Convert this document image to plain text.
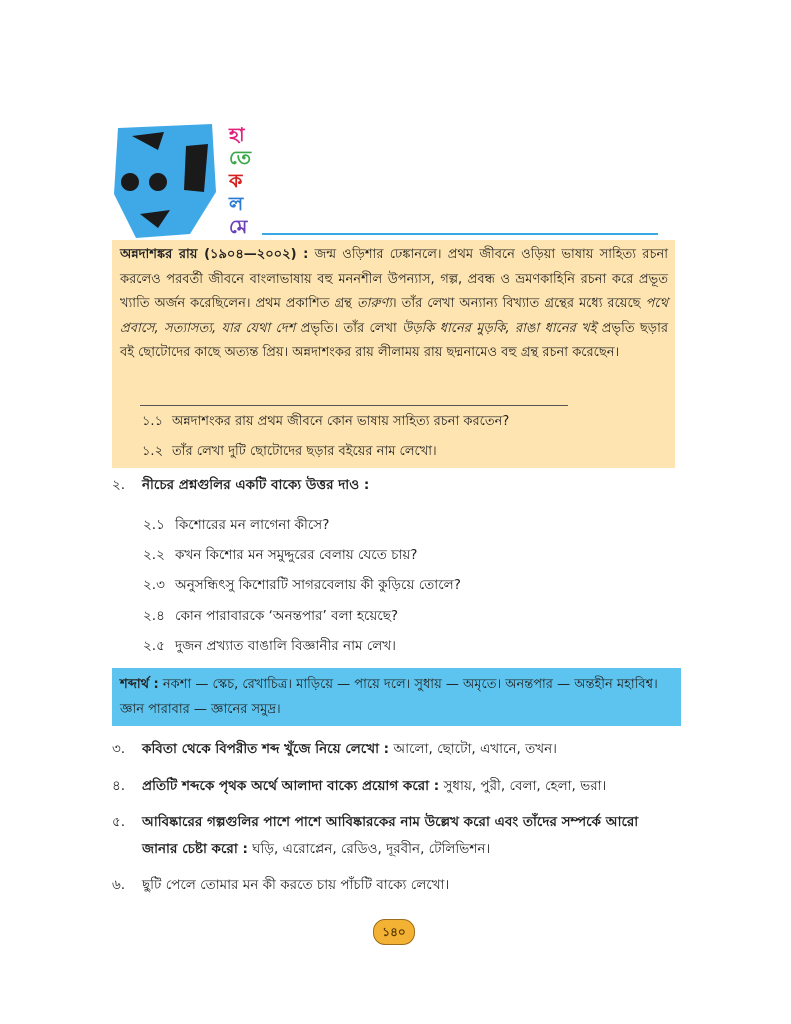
হা
তে
ক
ল
মে
অন্নদাশঙ্কর রায় (১৯০৪—২০০২) : জন্ম ওড়িশার ঢেঙ্কানলে। প্রথম জীবনে ওড়িয়া ভাষায় সাহিত্য রচনা করলেও পরবর্তী জীবনে বাংলাভাষায় বহু মননশীল উপন্যাস, গল্প, প্রবন্ধ ও ভ্রমণকাহিনি রচনা করে প্রভূত খ্যাতি অর্জন করেছিলেন। প্রথম প্রকাশিত গ্রন্থ তারুণ্য। তাঁর লেখা অন্যান্য বিখ্যাত গ্রন্থের মধ্যে রয়েছে পথে প্রবাসে, সত্যাসত্য, যার যেথা দেশ প্রভৃতি। তাঁর লেখা উড়কি ধানের মুড়কি, রাঙা ধানের খই প্রভৃতি ছড়ার বই ছোটোদের কাছে অত্যন্ত প্রিয়। অন্নদাশংকর রায় লীলাময় রায় ছদ্মনামেও বহু গ্রন্থ রচনা করেছেন।
১.১ অন্নদাশংকর রায় প্রথম জীবনে কোন ভাষায় সাহিত্য রচনা করতেন?
১.২ তাঁর লেখা দুটি ছোটোদের ছড়ার বইয়ের নাম লেখো।
২. নীচের প্রশ্নগুলির একটি বাক্যে উত্তর দাও :
২.১ কিশোরের মন লাগেনা কীসে?
২.২ কখন কিশোর মন সমুদ্দুরের বেলায় যেতে চায়?
২.৩ অনুসন্ধিৎসু কিশোরটি সাগরবেলায় কী কুড়িয়ে তোলে?
২.৪ কোন পারাবারকে ‘অনন্তপার’ বলা হয়েছে?
২.৫ দুজন প্রখ্যাত বাঙালি বিজ্ঞানীর নাম লেখ।
শব্দার্থ : নকশা — স্কেচ, রেখাচিত্র। মাড়িয়ে — পায়ে দলে। সুধায় — অমৃতে। অনন্তপার — অন্তহীন মহাবিশ্ব। জ্ঞান পারাবার — জ্ঞানের সমুদ্র।
৩. কবিতা থেকে বিপরীত শব্দ খুঁজে নিয়ে লেখো : আলো, ছোটো, এখানে, তখন।
৪. প্রতিটি শব্দকে পৃথক অর্থে আলাদা বাক্যে প্রয়োগ করো : সুধায়, পুরী, বেলা, হেলা, ভরা।
৫. আবিষ্কারের গল্পগুলির পাশে পাশে আবিষ্কারকের নাম উল্লেখ করো এবং তাঁদের সম্পর্কে আরো
জানার চেষ্টা করো : ঘড়ি, এরোপ্লেন, রেডিও, দূরবীন, টেলিভিশন।
৬. ছুটি পেলে তোমার মন কী করতে চায় পাঁচটি বাক্যে লেখো।
১৪০
